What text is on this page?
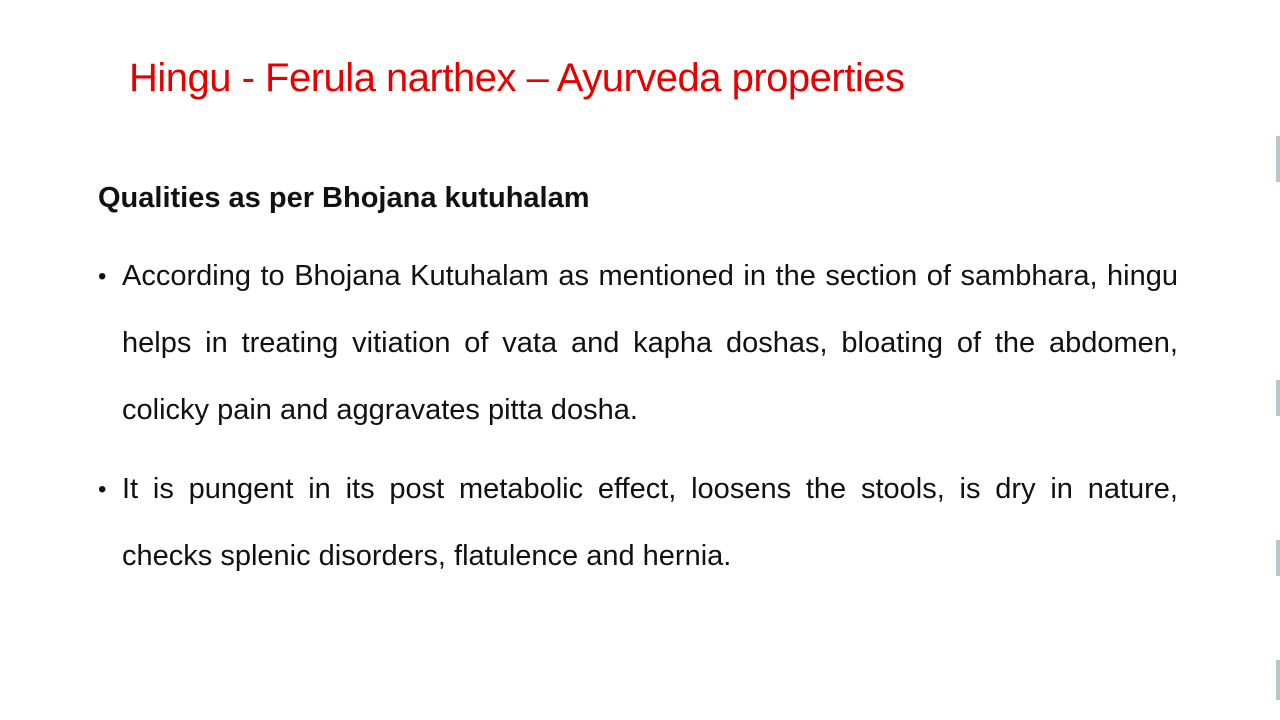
Hingu - Ferula narthex – Ayurveda properties
Qualities as per Bhojana kutuhalam
• According to Bhojana Kutuhalam as mentioned in the section of sambhara, hingu helps in treating vitiation of vata and kapha doshas, bloating of the abdomen, colicky pain and aggravates pitta dosha.
• It is pungent in its post metabolic effect, loosens the stools, is dry in nature, checks splenic disorders, flatulence and hernia.
